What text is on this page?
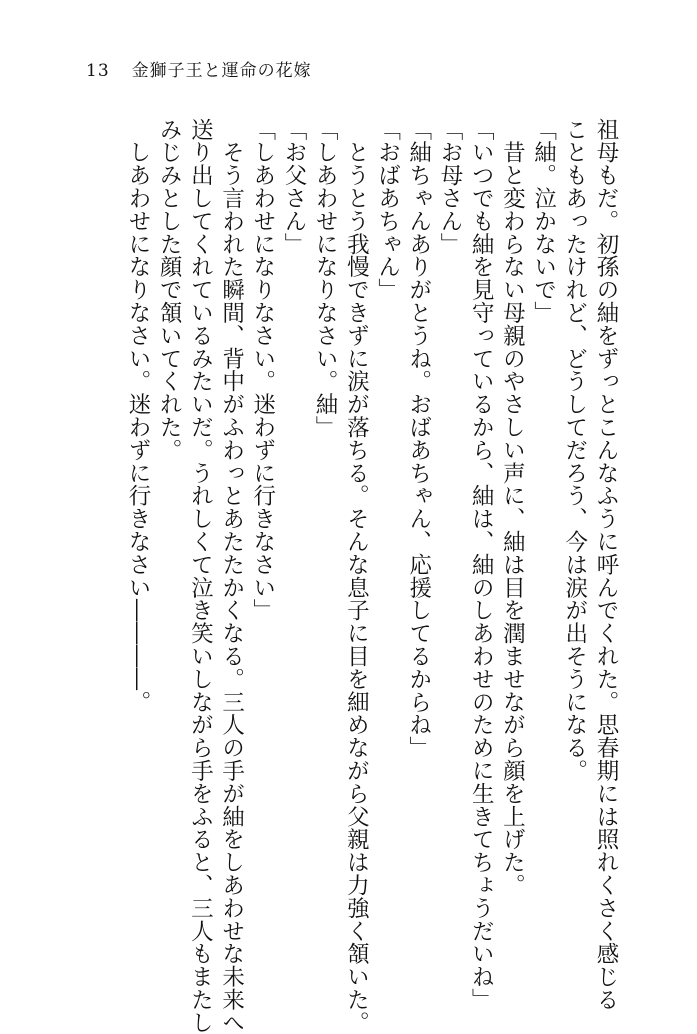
13 金獅子王と運命の花嫁

祖母もだ。初孫の紬をずっとこんなふうに呼んでくれた。思春期には照れくさく感じる

こともあったけれど、どうしてだろう、今は涙が出そうになる。

「紬。泣かないで」

　昔と変わらない母親のやさしい声に、紬は目を潤ませながら顔を上げた。

「いつでも紬を見守っているから、紬は、紬のしあわせのために生きてちょうだいね」

「お母さん」

「紬ちゃんありがとうね。おばあちゃん、応援してるからね」

「おばあちゃん」

　とうとう我慢できずに涙が落ちる。そんな息子に目を細めながら父親は力強く頷いた。

「しあわせになりなさい。紬」

「お父さん」

「しあわせになりなさい。迷わずに行きなさい」

　そう言われた瞬間、背中がふわっとあたたかくなる。三人の手が紬をしあわせな未来へ

送り出してくれているみたいだ。うれしくて泣き笑いしながら手をふると、三人もまたし

みじみとした顔で頷いてくれた。

　しあわせになりなさい。迷わずに行きなさい――――。
